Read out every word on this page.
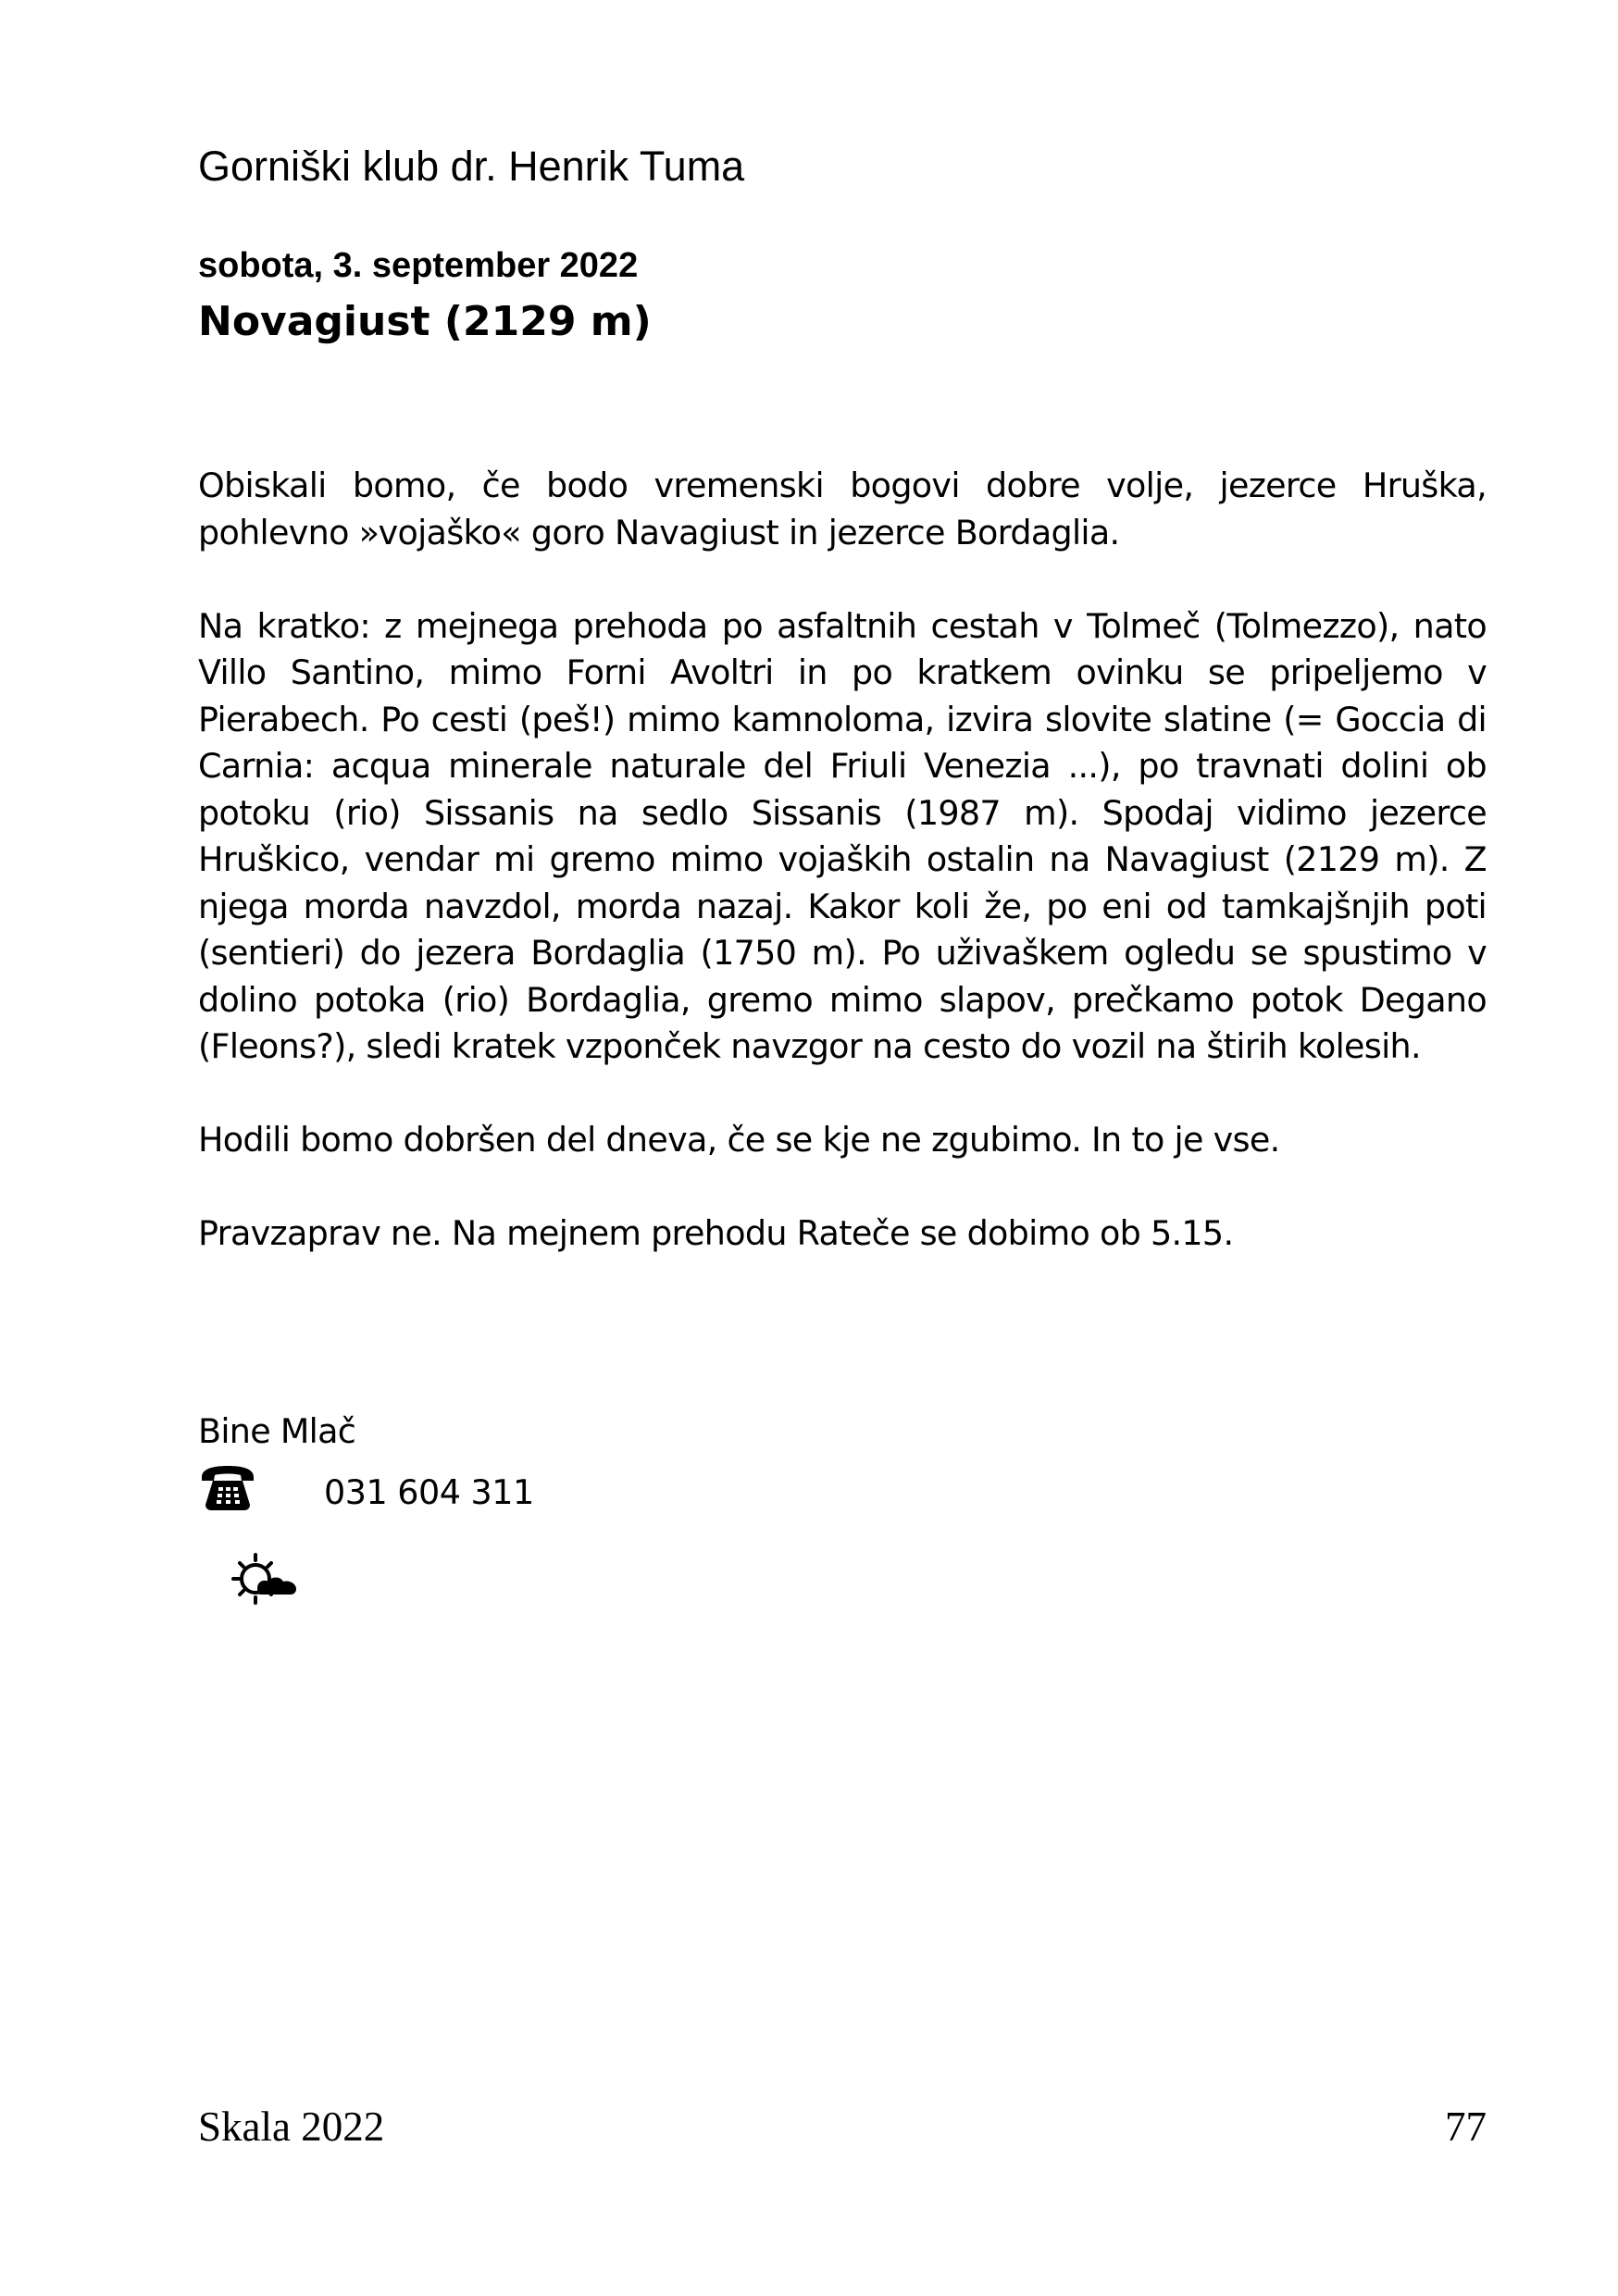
Gorniški klub dr. Henrik Tuma
sobota, 3. september 2022
Novagiust (2129 m)

Obiskali bomo, če bodo vremenski bogovi dobre volje, jezerce Hruška, pohlevno »vojaško« goro Navagiust in jezerce Bordaglia.

Na kratko: z mejnega prehoda po asfaltnih cestah v Tolmeč (Tolmezzo), nato Villo Santino, mimo Forni Avoltri in po kratkem ovinku se pripeljemo v Pierabech. Po cesti (peš!) mimo kamnoloma, izvira slovite slatine (= Goccia di Carnia: acqua minerale naturale del Friuli Venezia ...), po travnati dolini ob potoku (rio) Sissanis na sedlo Sissanis (1987 m). Spodaj vidimo jezerce Hruškico, vendar mi gremo mimo vojaških ostalin na Navagiust (2129 m). Z njega morda navzdol, morda nazaj. Kakor koli že, po eni od tamkajšnjih poti (sentieri) do jezera Bordaglia (1750 m). Po uživaškem ogledu se spustimo v dolino potoka (rio) Bordaglia, gremo mimo slapov, prečkamo potok Degano (Fleons?), sledi kratek vzponček navzgor na cesto do vozil na štirih kolesih.

Hodili bomo dobršen del dneva, če se kje ne zgubimo. In to je vse.

Pravzaprav ne. Na mejnem prehodu Rateče se dobimo ob 5.15.

Bine Mlač
031 604 311
Skala 2022	77
